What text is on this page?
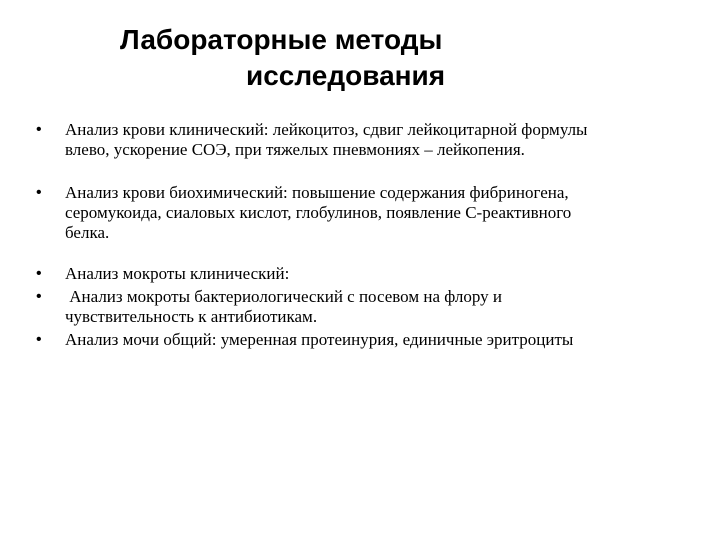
Лабораторные методы
исследования
• Анализ крови клинический: лейкоцитоз, сдвиг лейкоцитарной формулы влево, ускорение СОЭ, при тяжелых пневмониях – лейкопения.
• Анализ крови биохимический: повышение содержания фибриногена, серомукоида, сиаловых кислот, глобулинов, появление С-реактивного белка.
• Анализ мокроты клинический:
• Анализ мокроты бактериологический с посевом на флору и чувствительность к антибиотикам.
• Анализ мочи общий: умеренная протеинурия, единичные эритроциты
